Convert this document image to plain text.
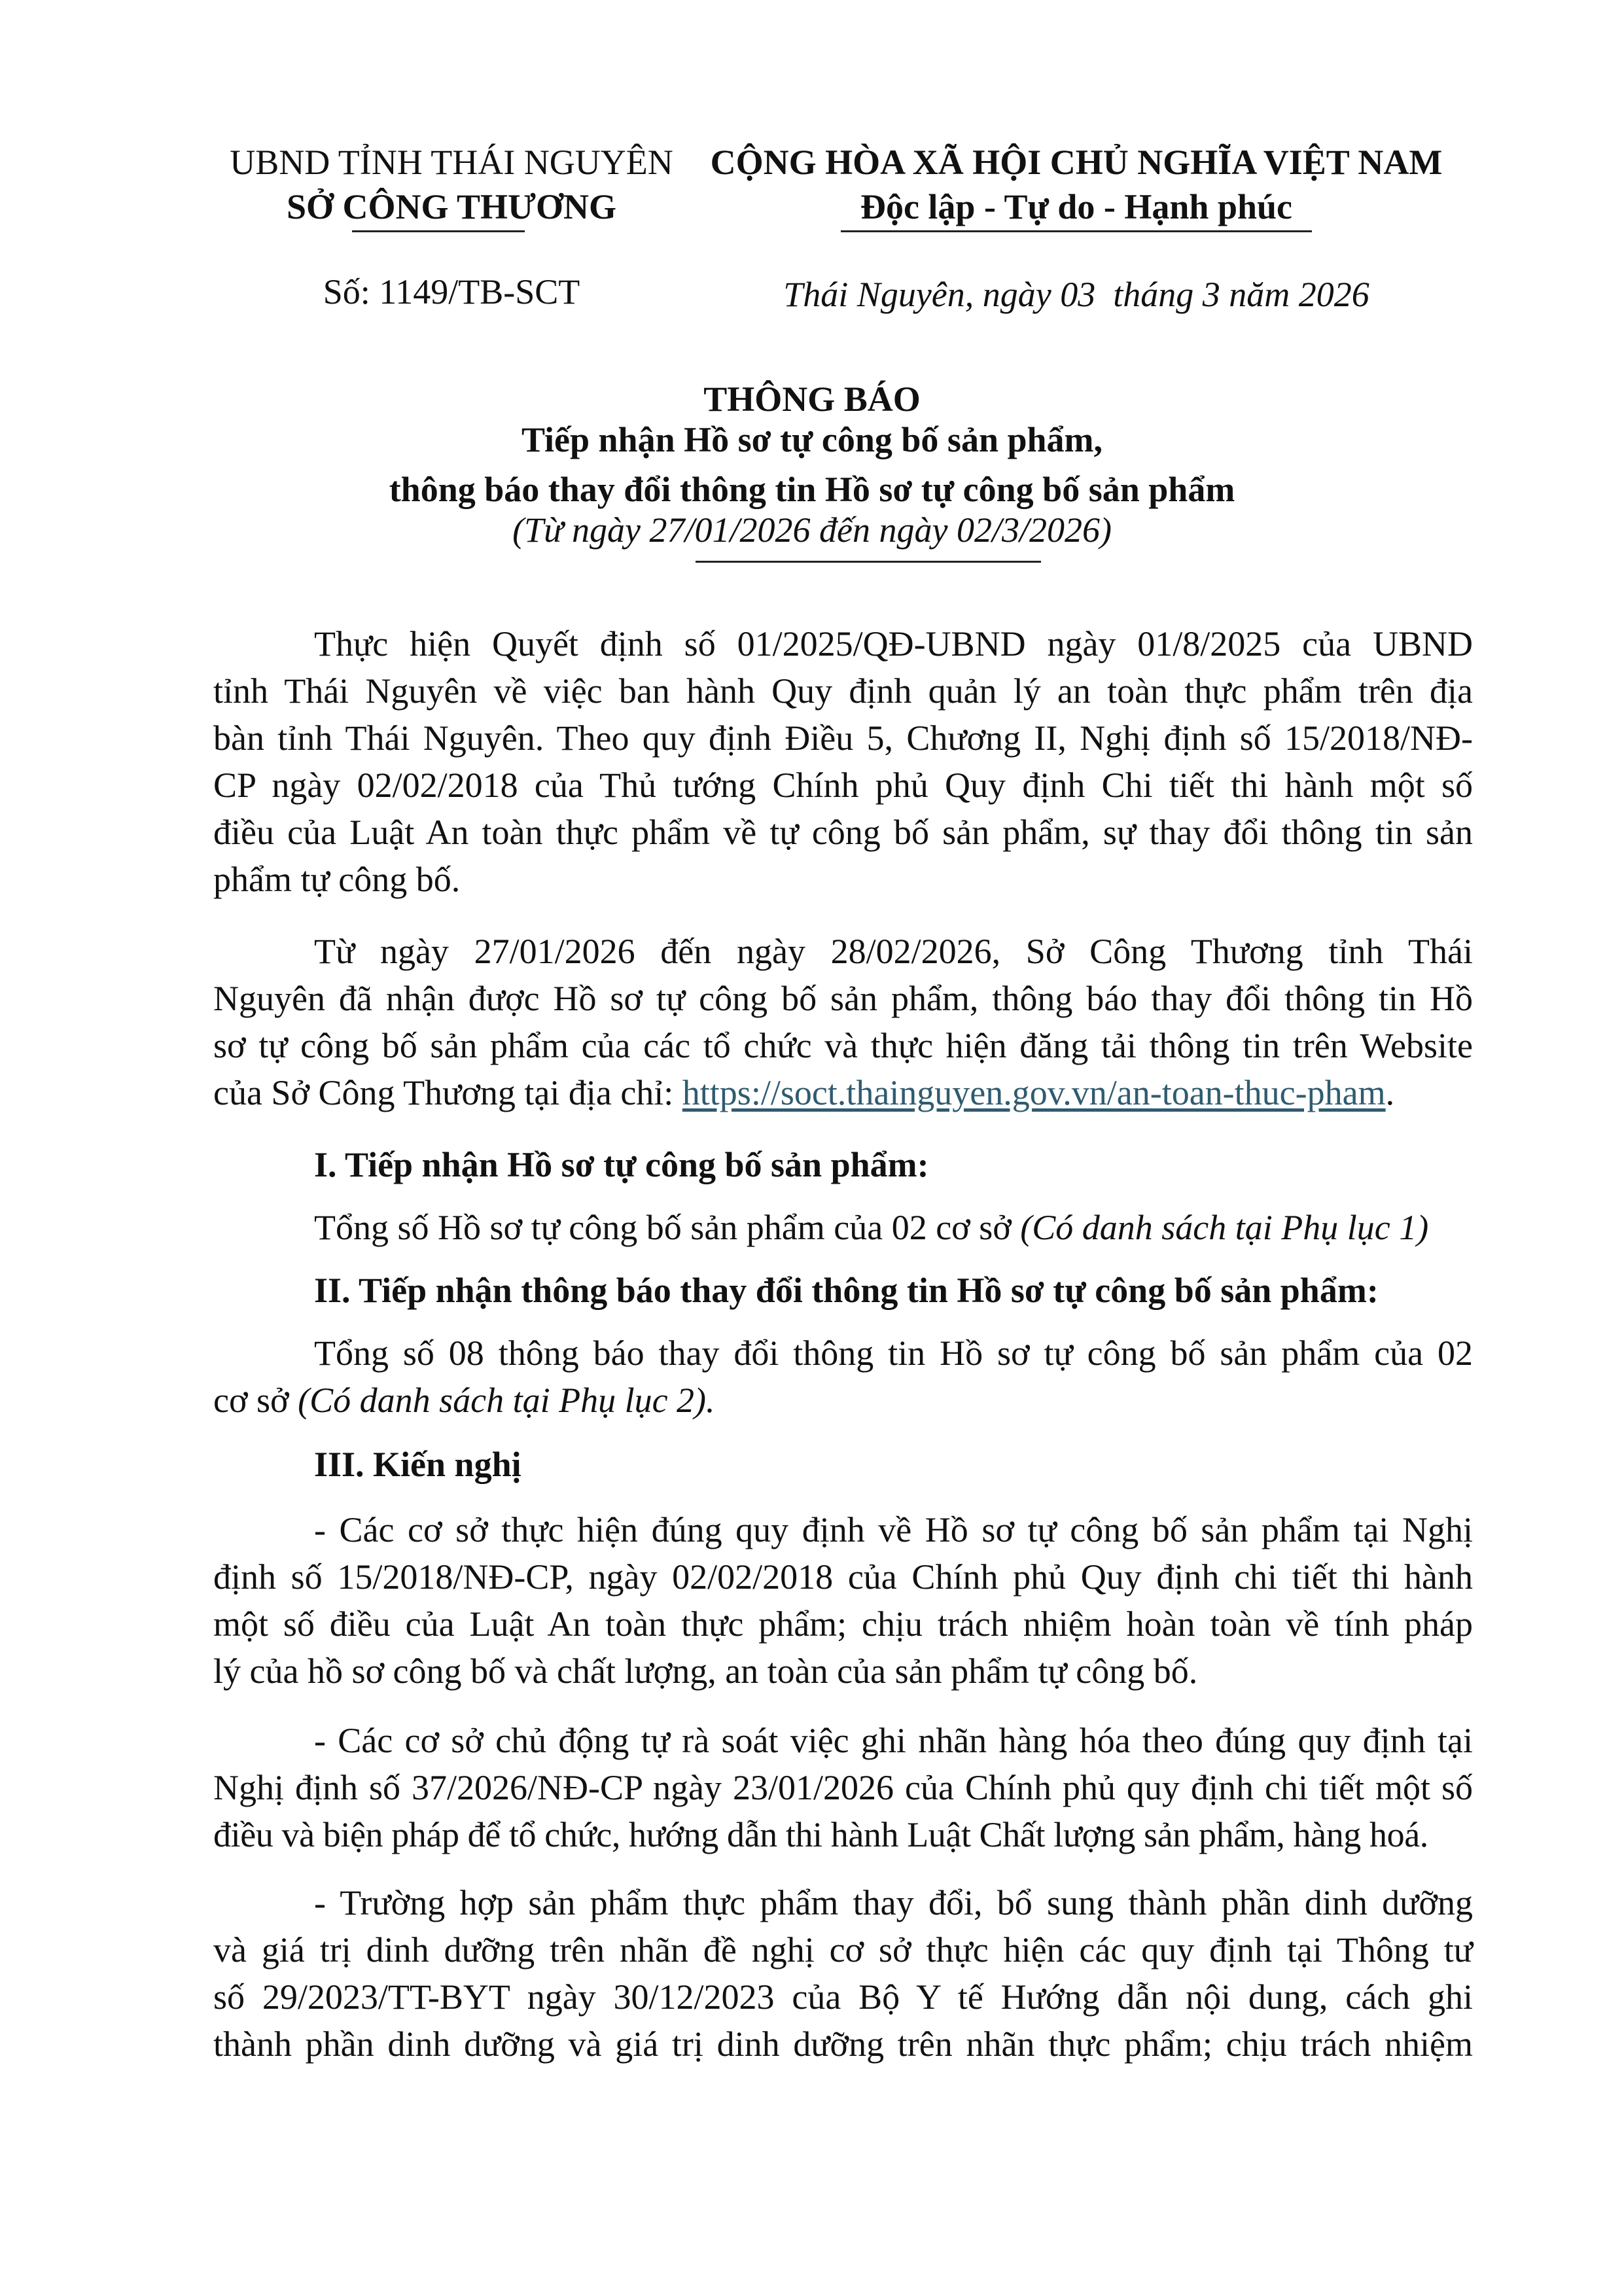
UBND TỈNH THÁI NGUYÊN
SỞ CÔNG THƯƠNG
CỘNG HÒA XÃ HỘI CHỦ NGHĨA VIỆT NAM
Độc lập - Tự do - Hạnh phúc
Số: 1149/TB-SCT	Thái Nguyên, ngày 03  tháng 3 năm 2026
THÔNG BÁO
Tiếp nhận Hồ sơ tự công bố sản phẩm,
thông báo thay đổi thông tin Hồ sơ tự công bố sản phẩm
(Từ ngày 27/01/2026 đến ngày 02/3/2026)
Thực hiện Quyết định số 01/2025/QĐ-UBND ngày 01/8/2025 của UBND
tỉnh Thái Nguyên về việc ban hành Quy định quản lý an toàn thực phẩm trên địa
bàn tỉnh Thái Nguyên. Theo quy định Điều 5, Chương II, Nghị định số 15/2018/NĐ-
CP ngày 02/02/2018 của Thủ tướng Chính phủ Quy định Chi tiết thi hành một số
điều của Luật An toàn thực phẩm về tự công bố sản phẩm, sự thay đổi thông tin sản
phẩm tự công bố.
Từ ngày 27/01/2026 đến ngày 28/02/2026, Sở Công Thương tỉnh Thái
Nguyên đã nhận được Hồ sơ tự công bố sản phẩm, thông báo thay đổi thông tin Hồ
sơ tự công bố sản phẩm của các tổ chức và thực hiện đăng tải thông tin trên Website
của Sở Công Thương tại địa chỉ: https://soct.thainguyen.gov.vn/an-toan-thuc-pham.
I. Tiếp nhận Hồ sơ tự công bố sản phẩm:
Tổng số Hồ sơ tự công bố sản phẩm của 02 cơ sở (Có danh sách tại Phụ lục 1)
II. Tiếp nhận thông báo thay đổi thông tin Hồ sơ tự công bố sản phẩm:
Tổng số 08 thông báo thay đổi thông tin Hồ sơ tự công bố sản phẩm của 02
cơ sở (Có danh sách tại Phụ lục 2).
III. Kiến nghị
- Các cơ sở thực hiện đúng quy định về Hồ sơ tự công bố sản phẩm tại Nghị
định số 15/2018/NĐ-CP, ngày 02/02/2018 của Chính phủ Quy định chi tiết thi hành
một số điều của Luật An toàn thực phẩm; chịu trách nhiệm hoàn toàn về tính pháp
lý của hồ sơ công bố và chất lượng, an toàn của sản phẩm tự công bố.
- Các cơ sở chủ động tự rà soát việc ghi nhãn hàng hóa theo đúng quy định tại
Nghị định số 37/2026/NĐ-CP ngày 23/01/2026 của Chính phủ quy định chi tiết một số
điều và biện pháp để tổ chức, hướng dẫn thi hành Luật Chất lượng sản phẩm, hàng hoá.
- Trường hợp sản phẩm thực phẩm thay đổi, bổ sung thành phần dinh dưỡng
và giá trị dinh dưỡng trên nhãn đề nghị cơ sở thực hiện các quy định tại Thông tư
số 29/2023/TT-BYT ngày 30/12/2023 của Bộ Y tế Hướng dẫn nội dung, cách ghi
thành phần dinh dưỡng và giá trị dinh dưỡng trên nhãn thực phẩm; chịu trách nhiệm
